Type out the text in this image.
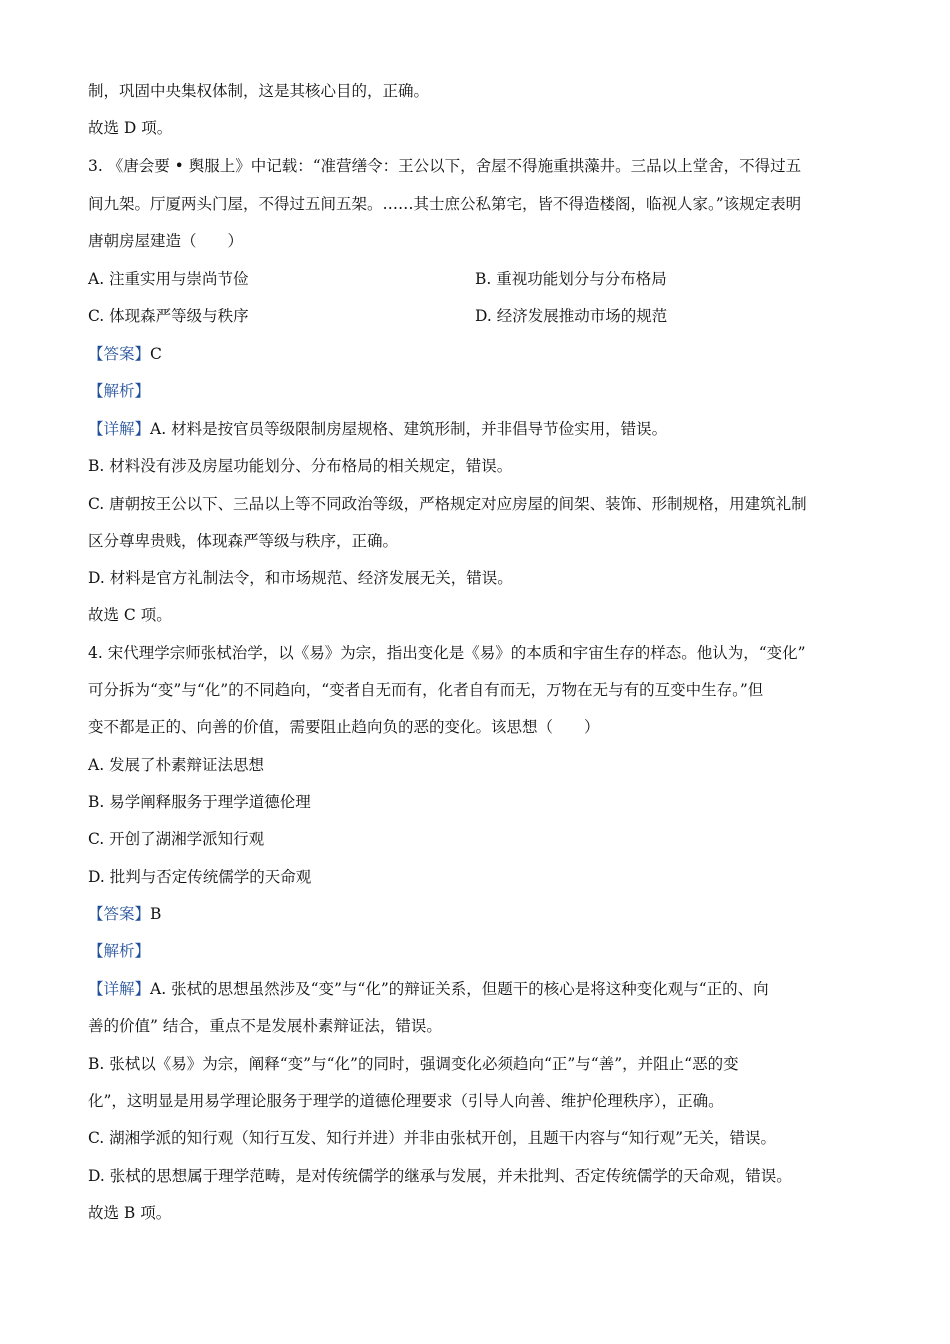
制，巩固中央集权体制，这是其核心目的，正确。
故选 D 项。
3. 《唐会要 • 舆服上》中记载：“准营缮令：王公以下，舍屋不得施重拱藻井。三品以上堂舍，不得过五
间九架。厅厦两头门屋，不得过五间五架。……其士庶公私第宅，皆不得造楼阁，临视人家。”该规定表明
唐朝房屋建造（　　）
A. 注重实用与崇尚节俭	B. 重视功能划分与分布格局
C. 体现森严等级与秩序	D. 经济发展推动市场的规范
【答案】C
【解析】
【详解】A. 材料是按官员等级限制房屋规格、建筑形制，并非倡导节俭实用，错误。
B. 材料没有涉及房屋功能划分、分布格局的相关规定，错误。
C. 唐朝按王公以下、三品以上等不同政治等级，严格规定对应房屋的间架、装饰、形制规格，用建筑礼制
区分尊卑贵贱，体现森严等级与秩序，正确。
D. 材料是官方礼制法令，和市场规范、经济发展无关，错误。
故选 C 项。
4. 宋代理学宗师张栻治学，以《易》为宗，指出变化是《易》的本质和宇宙生存的样态。他认为，“变化”
可分拆为“变”与“化”的不同趋向，“变者自无而有，化者自有而无，万物在无与有的互变中生存。”但
变不都是正的、向善的价值，需要阻止趋向负的恶的变化。该思想（　　）
A. 发展了朴素辩证法思想
B. 易学阐释服务于理学道德伦理
C. 开创了湖湘学派知行观
D. 批判与否定传统儒学的天命观
【答案】B
【解析】
【详解】A. 张栻的思想虽然涉及“变”与“化”的辩证关系，但题干的核心是将这种变化观与“正的、向
善的价值” 结合，重点不是发展朴素辩证法，错误。
B. 张栻以《易》为宗，阐释“变”与“化”的同时，强调变化必须趋向“正”与“善”，并阻止“恶的变
化”，这明显是用易学理论服务于理学的道德伦理要求（引导人向善、维护伦理秩序），正确。
C. 湖湘学派的知行观（知行互发、知行并进）并非由张栻开创，且题干内容与“知行观”无关，错误。
D. 张栻的思想属于理学范畴，是对传统儒学的继承与发展，并未批判、否定传统儒学的天命观，错误。
故选 B 项。
